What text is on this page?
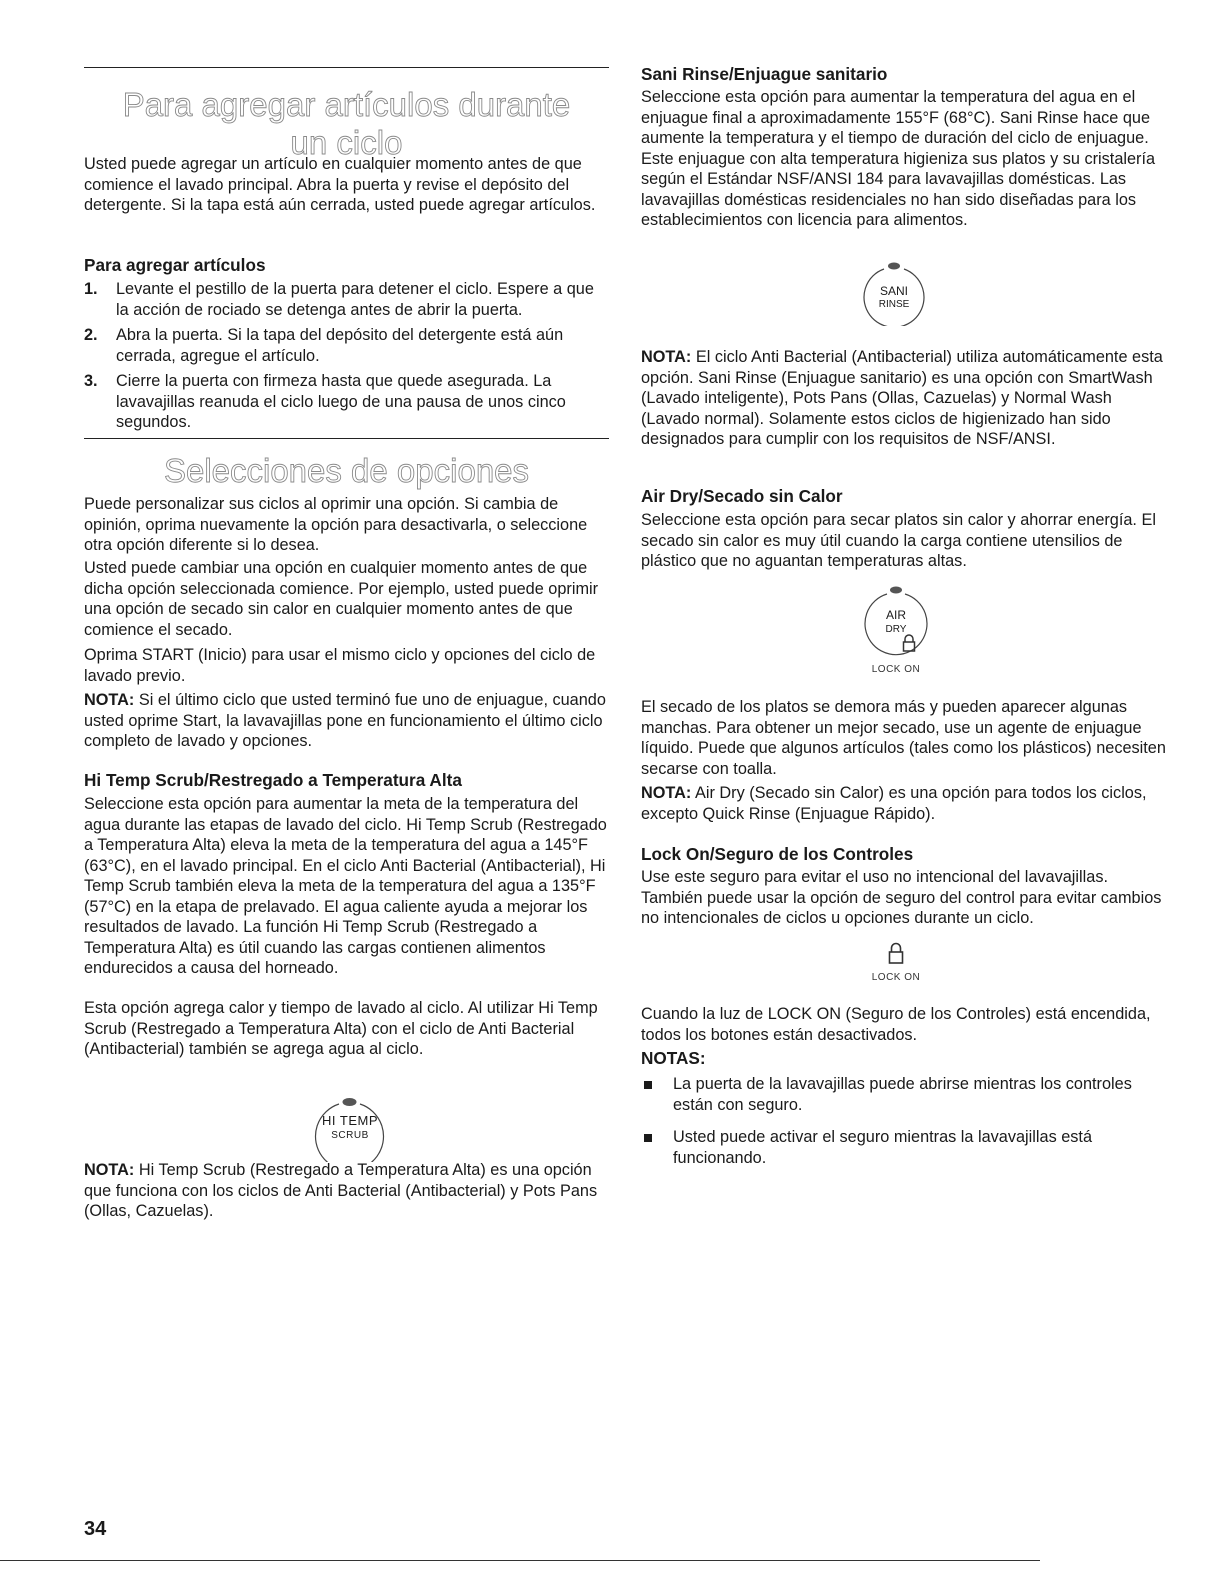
Para agregar artículos durante
un ciclo

Usted puede agregar un artículo en cualquier momento antes de que comience el lavado principal. Abra la puerta y revise el depósito del detergente. Si la tapa está aún cerrada, usted puede agregar artículos.

Para agregar artículos

1. Levante el pestillo de la puerta para detener el ciclo. Espere a que la acción de rociado se detenga antes de abrir la puerta.
2. Abra la puerta. Si la tapa del depósito del detergente está aún cerrada, agregue el artículo.
3. Cierre la puerta con firmeza hasta que quede asegurada. La lavavajillas reanuda el ciclo luego de una pausa de unos cinco segundos.
Selecciones de opciones

Puede personalizar sus ciclos al oprimir una opción. Si cambia de opinión, oprima nuevamente la opción para desactivarla, o seleccione otra opción diferente si lo desea.

Usted puede cambiar una opción en cualquier momento antes de que dicha opción seleccionada comience. Por ejemplo, usted puede oprimir una opción de secado sin calor en cualquier momento antes de que comience el secado.

Oprima START (Inicio) para usar el mismo ciclo y opciones del ciclo de lavado previo.

NOTA: Si el último ciclo que usted terminó fue uno de enjuague, cuando usted oprime Start, la lavavajillas pone en funcionamiento el último ciclo completo de lavado y opciones.

Hi Temp Scrub/Restregado a Temperatura Alta

Seleccione esta opción para aumentar la meta de la temperatura del agua durante las etapas de lavado del ciclo. Hi Temp Scrub (Restregado a Temperatura Alta) eleva la meta de la temperatura del agua a 145°F (63°C), en el lavado principal. En el ciclo Anti Bacterial (Antibacterial), Hi Temp Scrub también eleva la meta de la temperatura del agua a 135°F (57°C) en la etapa de prelavado. El agua caliente ayuda a mejorar los resultados de lavado. La función Hi Temp Scrub (Restregado a Temperatura Alta) es útil cuando las cargas contienen alimentos endurecidos a causa del horneado.

Esta opción agrega calor y tiempo de lavado al ciclo. Al utilizar Hi Temp Scrub (Restregado a Temperatura Alta) con el ciclo de Anti Bacterial (Antibacterial) también se agrega agua al ciclo.

HI TEMP
SCRUB

NOTA: Hi Temp Scrub (Restregado a Temperatura Alta) es una opción que funciona con los ciclos de Anti Bacterial (Antibacterial) y Pots Pans (Ollas, Cazuelas).

Sani Rinse/Enjuague sanitario

Seleccione esta opción para aumentar la temperatura del agua en el enjuague final a aproximadamente 155°F (68°C). Sani Rinse hace que aumente la temperatura y el tiempo de duración del ciclo de enjuague. Este enjuague con alta temperatura higieniza sus platos y su cristalería según el Estándar NSF/ANSI 184 para lavavajillas domésticas. Las lavavajillas domésticas residenciales no han sido diseñadas para los establecimientos con licencia para alimentos.

SANI
RINSE

NOTA: El ciclo Anti Bacterial (Antibacterial) utiliza automáticamente esta opción. Sani Rinse (Enjuague sanitario) es una opción con SmartWash (Lavado inteligente), Pots Pans (Ollas, Cazuelas) y Normal Wash (Lavado normal). Solamente estos ciclos de higienizado han sido designados para cumplir con los requisitos de NSF/ANSI.

Air Dry/Secado sin Calor

Seleccione esta opción para secar platos sin calor y ahorrar energía. El secado sin calor es muy útil cuando la carga contiene utensilios de plástico que no aguantan temperaturas altas.

AIR
DRY
LOCK ON

El secado de los platos se demora más y pueden aparecer algunas manchas. Para obtener un mejor secado, use un agente de enjuague líquido. Puede que algunos artículos (tales como los plásticos) necesiten secarse con toalla.

NOTA: Air Dry (Secado sin Calor) es una opción para todos los ciclos, excepto Quick Rinse (Enjuague Rápido).

Lock On/Seguro de los Controles

Use este seguro para evitar el uso no intencional del lavavajillas. También puede usar la opción de seguro del control para evitar cambios no intencionales de ciclos u opciones durante un ciclo.

LOCK ON

Cuando la luz de LOCK ON (Seguro de los Controles) está encendida, todos los botones están desactivados.

NOTAS:

La puerta de la lavavajillas puede abrirse mientras los controles están con seguro.
Usted puede activar el seguro mientras la lavavajillas está funcionando.
34
